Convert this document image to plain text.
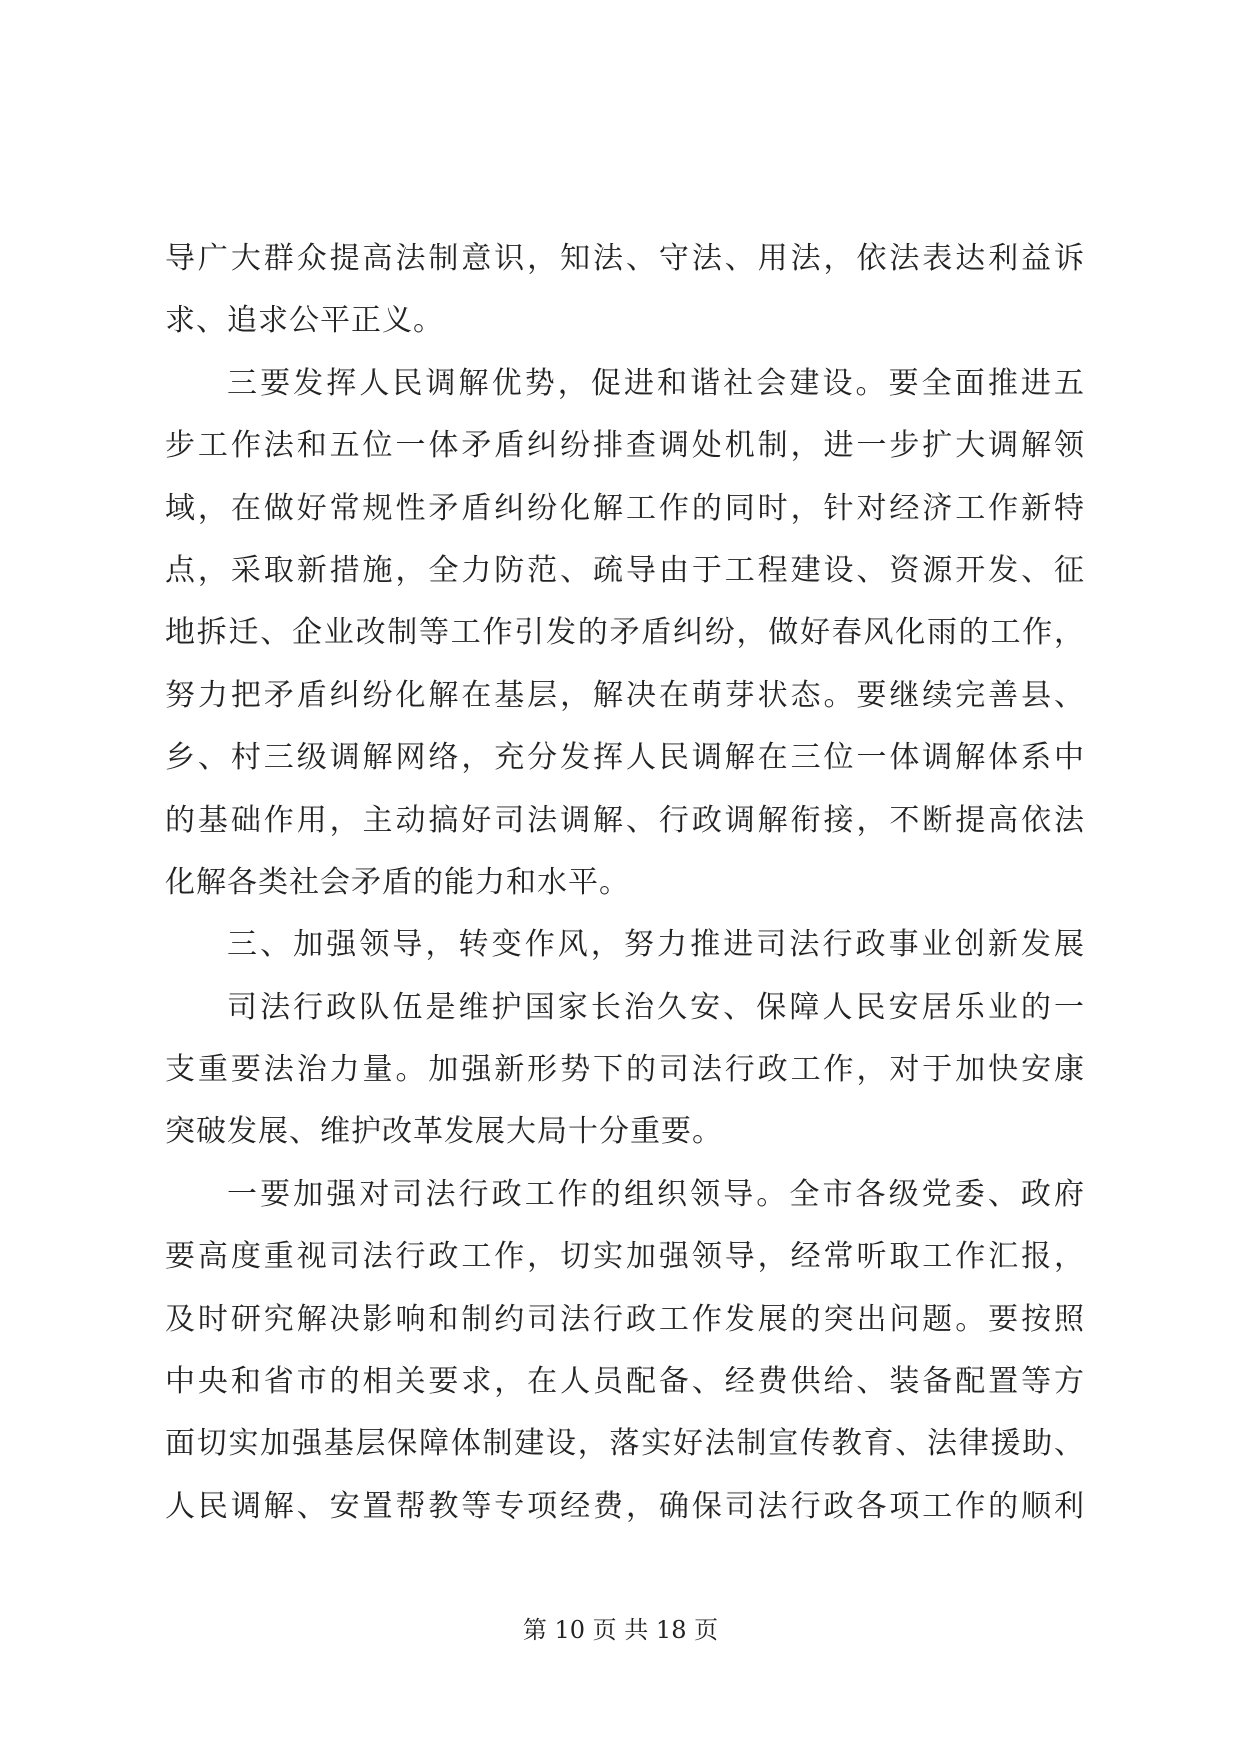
导广大群众提高法制意识，知法、守法、用法，依法表达利益诉
求、追求公平正义。
三要发挥人民调解优势，促进和谐社会建设。要全面推进五
步工作法和五位一体矛盾纠纷排查调处机制，进一步扩大调解领
域，在做好常规性矛盾纠纷化解工作的同时，针对经济工作新特
点，采取新措施，全力防范、疏导由于工程建设、资源开发、征
地拆迁、企业改制等工作引发的矛盾纠纷，做好春风化雨的工作，
努力把矛盾纠纷化解在基层，解决在萌芽状态。要继续完善县、
乡、村三级调解网络，充分发挥人民调解在三位一体调解体系中
的基础作用，主动搞好司法调解、行政调解衔接，不断提高依法
化解各类社会矛盾的能力和水平。
三、加强领导，转变作风，努力推进司法行政事业创新发展
司法行政队伍是维护国家长治久安、保障人民安居乐业的一
支重要法治力量。加强新形势下的司法行政工作，对于加快安康
突破发展、维护改革发展大局十分重要。
一要加强对司法行政工作的组织领导。全市各级党委、政府
要高度重视司法行政工作，切实加强领导，经常听取工作汇报，
及时研究解决影响和制约司法行政工作发展的突出问题。要按照
中央和省市的相关要求，在人员配备、经费供给、装备配置等方
面切实加强基层保障体制建设，落实好法制宣传教育、法律援助、
人民调解、安置帮教等专项经费，确保司法行政各项工作的顺利
第 10 页 共 18 页
